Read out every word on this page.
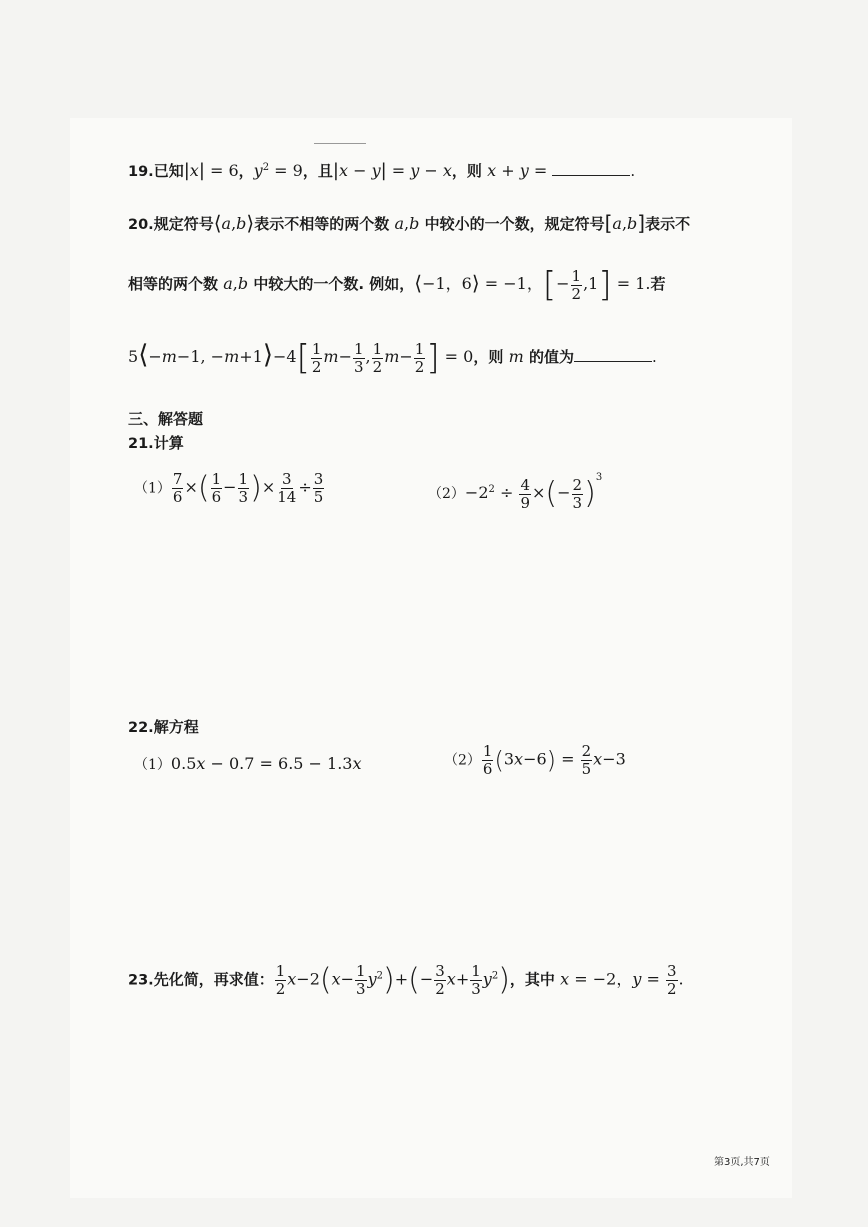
19.已知|x| = 6，$y^2 = 9$，且|x − y| = y − x，则 x + y =	.
20.规定符号⟨a,b⟩表示不相等的两个数 a,b 中较小的一个数，规定符号[a,b]表示不
相等的两个数 a,b 中较大的一个数. 例如，⟨−1，6⟩ = −1，[− $\frac{1}{2} ,1] = 1$.若
5⟨−m−1, −m+1⟩−4[ $\frac{1}{2} m- \frac{1}{3}$ , $\frac{1}{2} m- \frac{1}{2}$ ] = 0，则 m 的值为	.
三、解答题
21.计算
$(1) \frac{7}{6}$ ×( $\frac{1}{6} - \frac{1}{3}$ )× $\frac{3}{14} \div \frac{3}{5}$	$(2)-2^2 \div \frac{4}{9}$ ×(− $\frac{2}{3} )^3$
22.解方程
（1）0.5x − 0.7 = 6.5 − 1.3x	$(2) \frac{1}{6} (3x-6) = \frac{2}{5} x-3$
23.先化简，再求值： $\frac{1}{2} x-2(x- \frac{1}{3} y^2)+(- \frac{3}{2} x+ \frac{1}{3} y^2)$，其中 x = −2，$y = \frac{3}{2}$ .
第3页,共7页
